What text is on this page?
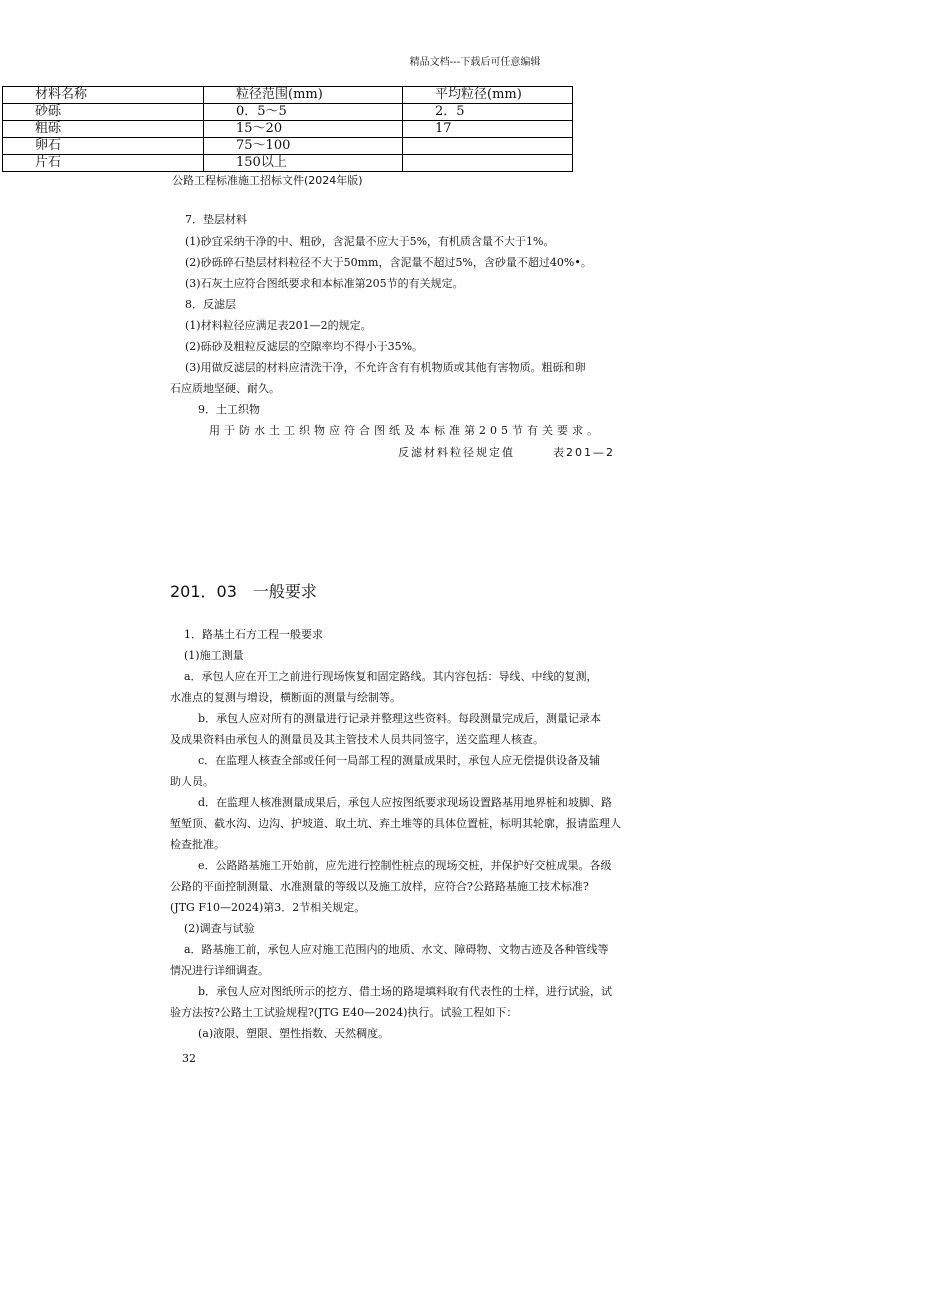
精品文档---下载后可任意编辑
材料名称	粒径范围(mm)	平均粒径(mm)
砂砾	0．5～5	2．5
粗砾	15～20	17
卵石	75～100	
片石	150以上	
公路工程标准施工招标文件(2024年版)
7．垫层材料
(1)砂宜采纳干净的中、粗砂，含泥量不应大于5%，有机质含量不大于1%。
(2)砂砾碎石垫层材料粒径不大于50mm，含泥量不超过5%，含砂量不超过40%•。
(3)石灰土应符合图纸要求和本标准第205节的有关规定。
8．反滤层
(1)材料粒径应满足表201—2的规定。
(2)砾砂及粗粒反滤层的空隙率均不得小于35%。
(3)用做反滤层的材料应清洗干净，不允许含有有机物质或其他有害物质。粗砾和卵
石应质地坚硬、耐久。
9．土工织物
用于防水土工织物应符合图纸及本标准第205节有关要求。
反滤材料粒径规定值	表201—2
201．03 一般要求
1．路基土石方工程一般要求
(1)施工测量
a．承包人应在开工之前进行现场恢复和固定路线。其内容包括：导线、中线的复测，
水准点的复测与增设，横断面的测量与绘制等。
b．承包人应对所有的测量进行记录并整理这些资料。每段测量完成后，测量记录本
及成果资料由承包人的测量员及其主管技术人员共同签字，送交监理人核查。
c．在监理人核查全部或任何一局部工程的测量成果时，承包人应无偿提供设备及辅
助人员。
d．在监理人核准测量成果后，承包人应按图纸要求现场设置路基用地界桩和坡脚、路
堑堑顶、截水沟、边沟、护坡道、取土坑、弃土堆等的具体位置桩，标明其轮廓，报请监理人
检查批准。
e．公路路基施工开始前，应先进行控制性桩点的现场交桩，并保护好交桩成果。各级
公路的平面控制测量、水准测量的等级以及施工放样，应符合?公路路基施工技术标准?
(JTG F10—2024)第3．2节相关规定。
(2)调查与试验
a．路基施工前，承包人应对施工范围内的地质、水文、障碍物、文物古迹及各种管线等
情况进行详细调查。
b．承包人应对图纸所示的挖方、借土场的路堤填料取有代表性的土样，进行试验，试
验方法按?公路土工试验规程?(JTG E40—2024)执行。试验工程如下：
(a)液限、塑限、塑性指数、天然稠度。
32
